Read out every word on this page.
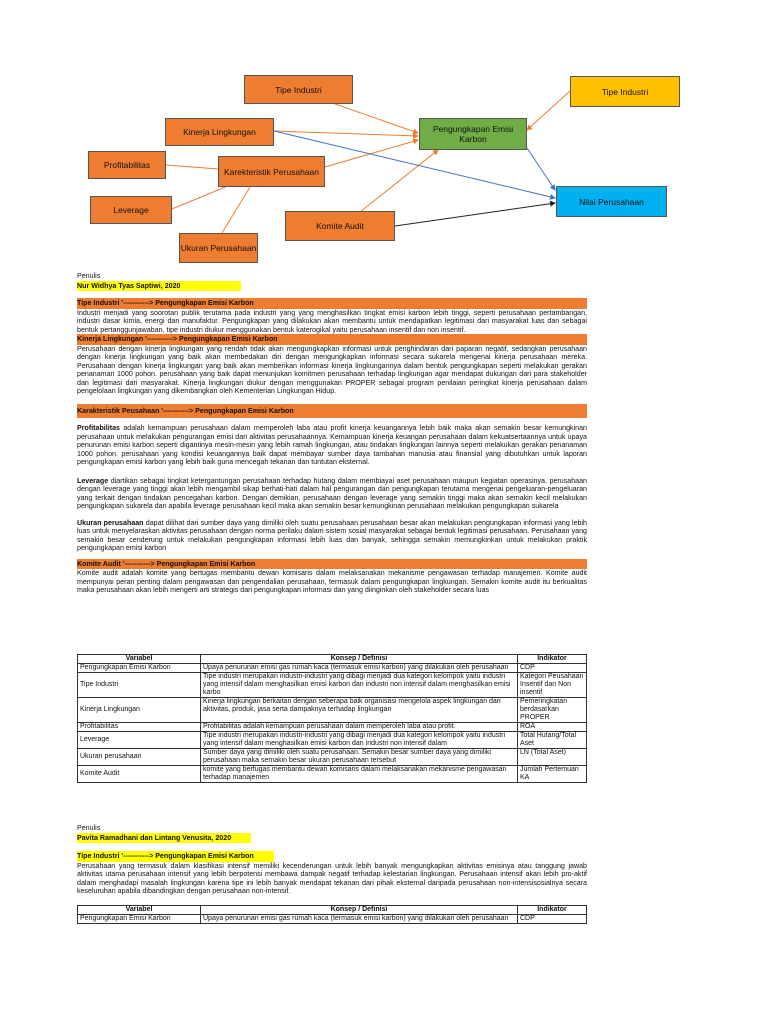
Tipe Industri	Tipe Industri
Kinerja Lingkungan	Pengungkapan Emisi Karbon
Profitabilitas
Karekteristik Perusahaan
Nilai Perusahaan
Leverage
Komite Audit
Ukuran Perusahaan
Penulis
Nur Widhya Tyas Saptiwi, 2020
Tipe Industri '-----------> Pengungkapan Emisi Karbon

Industri menjadi yang soorotan publik terutama pada industri yang yang menghasilkan tingkat emisi karbon lebih tinggi, seperti perusahaan pertambangan, industri dasar kimia, energi dan manufaktur. Pengungkapan yang dilakukan akan membantu untuk mendapatkan legitimasi dari masyarakat luas dan sebagai bentuk pertanggunjawaban, tipe industri diukur menggunakan bentuk katerogikal yaitu perusahaan insentif dan non insentif.

Kinerja Lingkungan '-----------> Pengungkapan Emisi Karbon

Perusahaan dengan kinerja lingkungan yang rendah tidak akan mengungkapkan informasi untuk penghindaran dari paparan negatif, sedangkan perusahaan dengan kinerja lingkungan yang baik akan membedakan diri dengan mengungkapkan informasi secara sukarela mengenai kinerja perusahaan mereka. Perusahaan dengan kinerja lingkungan yang baik akan memberikan informasi kinerja lingkungannya dalam bentuk pengungkapan seperti melakukan gerakan penanaman 1000 pohon. perusahaan yang baik dapat menunjukan komitmen perusahaan terhadap lingkungan agar mendapat dukungan dari para stakeholder dan legitimasi dari masyarakat. Kinerja lingkungan diukur dengan menggunakan PROPER sebagai program penilaian peringkat kinerja perusahaan dalam pengelolaan lingkungan yang dikembangkan oleh Kementerian Lingkungan Hidup.

Karakteristik Peusahaan '-----------> Pengungkapan Emisi Karbon

Profitabilitas adalah kemampuan perusahaan dalam memperoleh laba atau profit kinerja keuangannya lebih baik maka akan semakin besar kemungkinan perusahaan untuk melakukan pengurangan emisi dari aktivitas perusahaannya. Kemampuan kinerja keuangan perusahaan dalam kekuatsertaannya untuk upaya penurunan emisi karbon seperti digantinya mesin-mesin yang lebih ramah lingkungan, atau tindakan lingkungan lainnya seperti melakukan gerakan penanaman 1000 pohon. perusahaan yang kondisi keuangannya baik dapat membayar sumber daya tambahan manusia atau finansial yang dibutuhkan untuk laporan pengungkapan emisi karbon yang lebih baik guna mencegah tekanan dan tuntutan eksternal.

Leverage diartikan sebagai tingkat ketergantungan perusahaan terhadap hutang dalam membiayai aset perusahaan maupun kegiatan operasinya. perusahaan dengan leverage yang tinggi akan lebih mengambil sikap berhati-hati dalam hal pengurangan dan pengungkapan terutama mengenai pengeluaran-pengeluaran yang terkait dengan tindakan pencegahan karbon. Dengan demikian, perusahaan dengan leverage yang semakin tinggi maka akan semakin kecil melakukan pengungkapan sukarela dan apabila leverage perusahaan kecil maka akan semakin besar kemungkinan perusahaan melakukan pengungkapan sukarela

Ukuran perusahaan dapat dilihat dari sumber daya yang dimiliki oleh suatu perusahaan perusahaan besar akan melakukan pengungkapan informasi yang lebih luas untuk menyelaraskan aktivitas perusahaan dengan norma perilaku dalam sistem sosial masyarakat sebagai bentuk legitimasi perusahaan. Perusahaan yang semakin besar cenderung untuk melakukan pengungkapan informasi lebih luas dan banyak, sehingga semakin memungkinkan untuk melakukan praktik pengungkapan emisi karbon

Komite Audit '-----------> Pengungkapan Emisi Karbon

Komite audit adalah komite yang bertugas membantu dewan komisaris dalam melaksanakan mekanisme pengawasan terhadap manajemen. Komite audit mempunyai peran penting dalam pengawasan dan pengendalian perusahaan, termasuk dalam pengungkapan lingkungan. Semakin komite audit itu berkualitas maka perusahaan akan lebih mengerti arti strategis dari pengungkapan informasi dan yang diinginkan oleh stakeholder secara luas

Variabel	Konsep / Definisi	Indikator
Pengungkapan Emisi Karbon	Upaya penurunan emisi gas rumah kaca (termasuk emisi karbon) yang dilakukan oleh perusahaan	CDP
Tipe Industri	Tipe industri merupakan industri-industri yang dibagi menjadi dua kategori kelompok yaitu industri yang intensif dalam menghasilkan emisi karbon dan industri non intensif dalam menghasilkan emisi karbo	Kategori Peusahaan Insentif dan Non insentif
Kinerja Lingkungan	Kinerja lingkungan berkaitan dengan seberapa baik organisasi mengelola aspek lingkungan dari aktivitas, produk, jasa serta dampaknya terhadap lingkungan	Pemeringkatan berdasarkan PROPER
Profitabilitas	Profitabilitas adalah kemampuan perusahaan dalam memperoleh laba atau profit.	ROA
Leverage	Tipe industri merupakan industri-industri yang dibagi menjadi dua kategori kelompok yaitu industri yang intensif dalam menghasilkan emisi karbon dan industri non intensif dalam	Total Hutang/Total Aset
Ukuran perusahaan	Sumber daya yang dimiliki oleh suatu perusahaan. Semakin besar sumber daya yang dimiliki perusahaan maka semakin besar ukuran perusahaan tersebut	LN (Total Aset)
Komite Audit	komite yang bertugas membantu dewan komisaris dalam melaksanakan mekanisme pengawasan terhadap manajemen	Jumlah Pertemuan KA
Penulis
Pavita Ramadhani dan Lintang Venusita, 2020
Tipe Industri '-----------> Pengungkapan Emisi Karbon

Perusahaan yang termasuk dalam klasifikasi intensif memiliki kecenderungan untuk lebih banyak mengungkapkan aktivitas emisinya atau tanggung jawab aktivitas utama perusahaan intensif yang lebih berpotensi membawa dampak negatif terhadap kelestarian lingkungan. Perusahaan intensif akan lebih pro-aktif dalam menghadapi masalah lingkungan karena tipe ini lebih banyak mendapat tekanan dari pihak eksternal daripada perusahaan non-intensisosialnya secara keseluruhan apabila dibandingkan dengan perusahaan non-intensif.

Variabel	Konsep / Definisi	Indikator
Pengungkapan Emisi Karbon	Upaya penurunan emisi gas rumah kaca (termasuk emisi karbon) yang dilakukan oleh perusahaan	CDP
